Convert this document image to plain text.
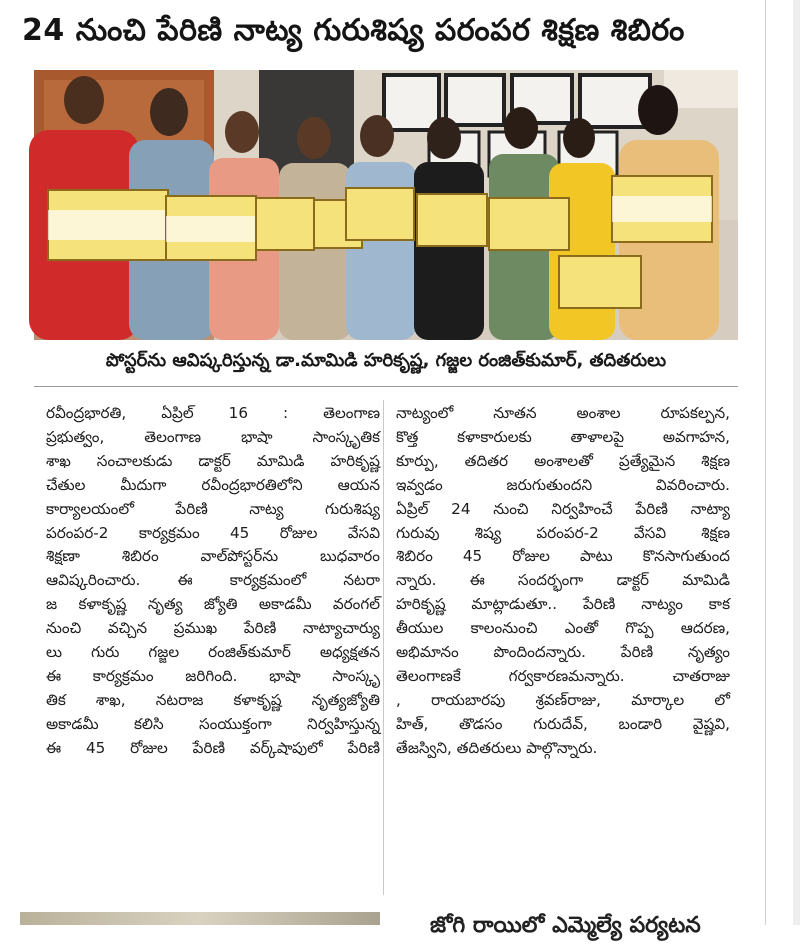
24 నుంచి పేరిణి నాట్య గురుశిష్య పరంపర శిక్షణ శిబిరం
పోస్టర్‌ను ఆవిష్కరిస్తున్న డా.మామిడి హరికృష్ణ, గజ్జల రంజిత్‌కుమార్, తదితరులు

రవీంద్రభారతి, ఏప్రిల్ 16 : తెలంగాణ

ప్రభుత్వం, తెలంగాణ భాషా సాంస్కృతిక

శాఖ సంచాలకుడు డాక్టర్ మామిడి హరికృష్ణ

చేతుల మీదుగా రవీంద్రభారతిలోని ఆయన

కార్యాలయంలో పేరిణి నాట్య గురుశిష్య

పరంపర-2 కార్యక్రమం 45 రోజుల వేసవి

శిక్షణా శిబిరం వాల్‌పోస్టర్‌ను బుధవారం

ఆవిష్కరించారు. ఈ కార్యక్రమంలో నటరా

జ కళాకృష్ణ నృత్య జ్యోతి అకాడమీ వరంగల్

నుంచి వచ్చిన ప్రముఖ పేరిణి నాట్యాచార్యు

లు గురు గజ్జల రంజిత్‌కుమార్ అధ్యక్షతన

ఈ కార్యక్రమం జరిగింది. భాషా సాంస్కృ

తిక శాఖ, నటరాజ కళాకృష్ణ నృత్యజ్యోతి

అకాడమీ కలిసి సంయుక్తంగా నిర్వహిస్తున్న

ఈ 45 రోజుల పేరిణి వర్క్‌షాపులో పేరిణి

నాట్యంలో నూతన అంశాల రూపకల్పన,

కొత్త కళాకారులకు తాళాలపై అవగాహన,

కూర్పు, తదితర అంశాలతో ప్రత్యేమైన శిక్షణ

ఇవ్వడం జరుగుతుందని వివరించారు.

ఏప్రిల్ 24 నుంచి నిర్వహించే పేరిణి నాట్యా

గురువు శిష్య పరంపర-2 వేసవి శిక్షణ

శిబిరం 45 రోజుల పాటు కొనసాగుతుంద

న్నారు. ఈ సందర్భంగా డాక్టర్ మామిడి

హరికృష్ణ మాట్లాడుతూ.. పేరిణి నాట్యం కాక

తీయుల కాలంనుంచి ఎంతో గొప్ప ఆదరణ,

అభిమానం పొందిందన్నారు. పేరిణి నృత్యం

తెలంగాణకే గర్వకారణమన్నారు. చాతరాజు

, రాయబారపు శ్రవణ్‌రాజు, మార్కాల లో

హిత్, తొడసం గురుదేవ్, బండారి వైష్ణవి,

తేజస్విని, తదితరులు పాల్గొన్నారు.

జోగి రాయిలో ఎమ్మెల్యే పర్యటన
